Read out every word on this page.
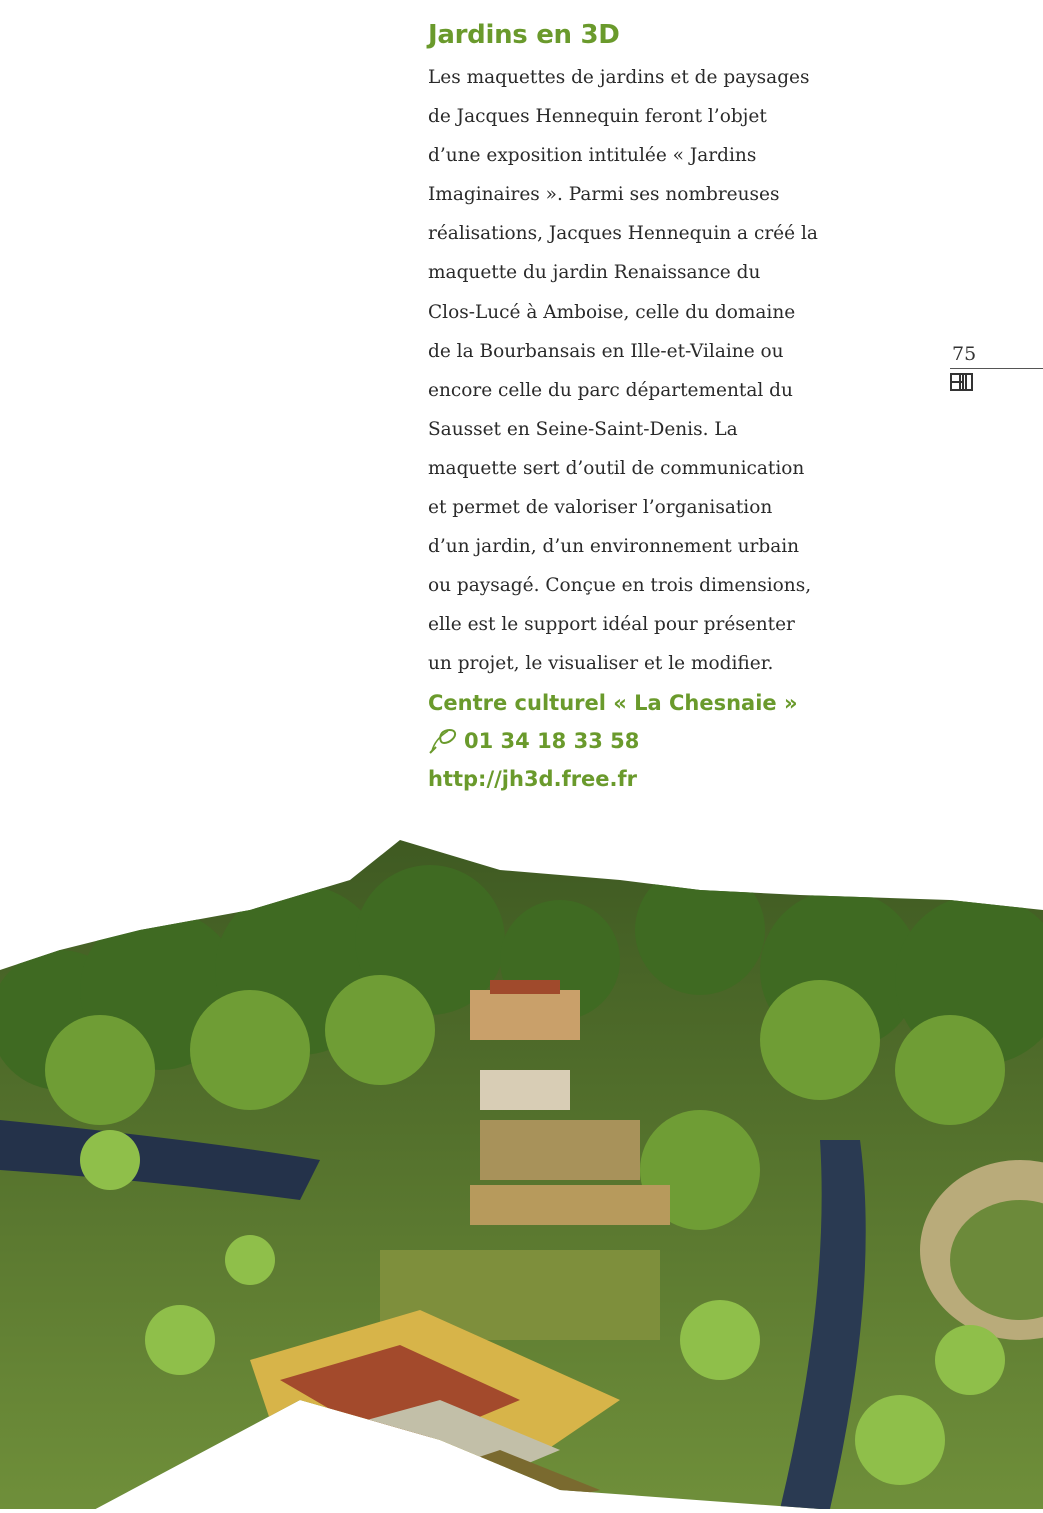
Jardins en 3D
Les maquettes de jardins et de paysages
de Jacques Hennequin feront l’objet
d’une exposition intitulée « Jardins
Imaginaires ». Parmi ses nombreuses
réalisations, Jacques Hennequin a créé la
maquette du jardin Renaissance du
Clos-Lucé à Amboise, celle du domaine
de la Bourbansais en Ille-et-Vilaine ou
encore celle du parc départemental du
Sausset en Seine-Saint-Denis. La
maquette sert d’outil de communication
et permet de valoriser l’organisation
d’un jardin, d’un environnement urbain
ou paysagé. Conçue en trois dimensions,
elle est le support idéal pour présenter
un projet, le visualiser et le modifier.
Centre culturel « La Chesnaie »
01 34 18 33 58
http://jh3d.free.fr
75
